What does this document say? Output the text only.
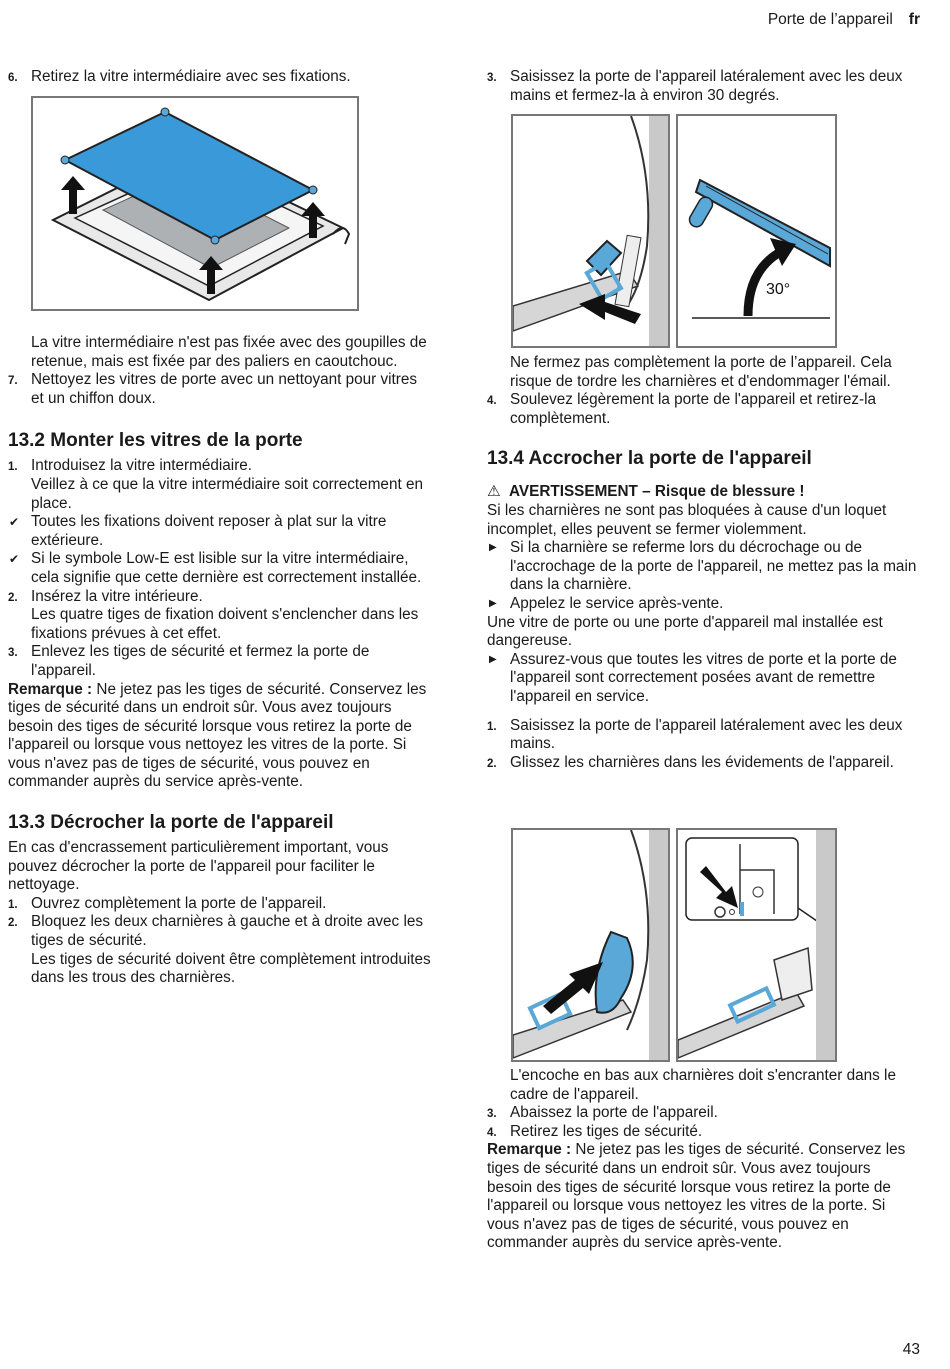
Porte de l’appareil fr
6. Retirez la vitre intermédiaire avec ses fixations.

La vitre intermédiaire n'est pas fixée avec des goupilles de retenue, mais est fixée par des paliers en caoutchouc.

7. Nettoyez les vitres de porte avec un nettoyant pour vitres et un chiffon doux.
13.2 Monter les vitres de la porte
1. Introduisez la vitre intermédiaire.
Veillez à ce que la vitre intermédiaire soit correctement en place.
✔ Toutes les fixations doivent reposer à plat sur la vitre extérieure.
✔ Si le symbole Low-E est lisible sur la vitre intermédiaire, cela signifie que cette dernière est correctement installée.
2. Insérez la vitre intérieure.
Les quatre tiges de fixation doivent s'enclencher dans les fixations prévues à cet effet.
3. Enlevez les tiges de sécurité et fermez la porte de l'appareil.

Remarque : Ne jetez pas les tiges de sécurité. Conservez les tiges de sécurité dans un endroit sûr. Vous avez toujours besoin des tiges de sécurité lorsque vous retirez la porte de l'appareil ou lorsque vous nettoyez les vitres de la porte. Si vous n'avez pas de tiges de sécurité, vous pouvez en commander auprès du service après-vente.

13.3 Décrocher la porte de l'appareil

En cas d'encrassement particulièrement important, vous pouvez décrocher la porte de l'appareil pour faciliter le nettoyage.

1. Ouvrez complètement la porte de l'appareil.
2. Bloquez les deux charnières à gauche et à droite avec les tiges de sécurité.
Les tiges de sécurité doivent être complètement introduites dans les trous des charnières.
3. Saisissez la porte de l'appareil latéralement avec les deux mains et fermez-la à environ 30 degrés.
30°

Ne fermez pas complètement la porte de l’appareil. Cela risque de tordre les charnières et d'endommager l'émail.

4. Soulevez légèrement la porte de l'appareil et retirez-la complètement.
13.4 Accrocher la porte de l'appareil
⚠ AVERTISSEMENT – Risque de blessure !

Si les charnières ne sont pas bloquées à cause d'un loquet incomplet, elles peuvent se fermer violemment.

▶ Si la charnière se referme lors du décrochage ou de l'accrochage de la porte de l'appareil, ne mettez pas la main dans la charnière.
▶ Appelez le service après-vente.

Une vitre de porte ou une porte d'appareil mal installée est dangereuse.

▶ Assurez-vous que toutes les vitres de porte et la porte de l'appareil sont correctement posées avant de remettre l'appareil en service.
1. Saisissez la porte de l'appareil latéralement avec les deux mains.
2. Glissez les charnières dans les évidements de l'appareil.

L'encoche en bas aux charnières doit s'encranter dans le cadre de l'appareil.

3. Abaissez la porte de l'appareil.
4. Retirez les tiges de sécurité.

Remarque : Ne jetez pas les tiges de sécurité. Conservez les tiges de sécurité dans un endroit sûr. Vous avez toujours besoin des tiges de sécurité lorsque vous retirez la porte de l'appareil ou lorsque vous nettoyez les vitres de la porte. Si vous n'avez pas de tiges de sécurité, vous pouvez en commander auprès du service après-vente.

43
